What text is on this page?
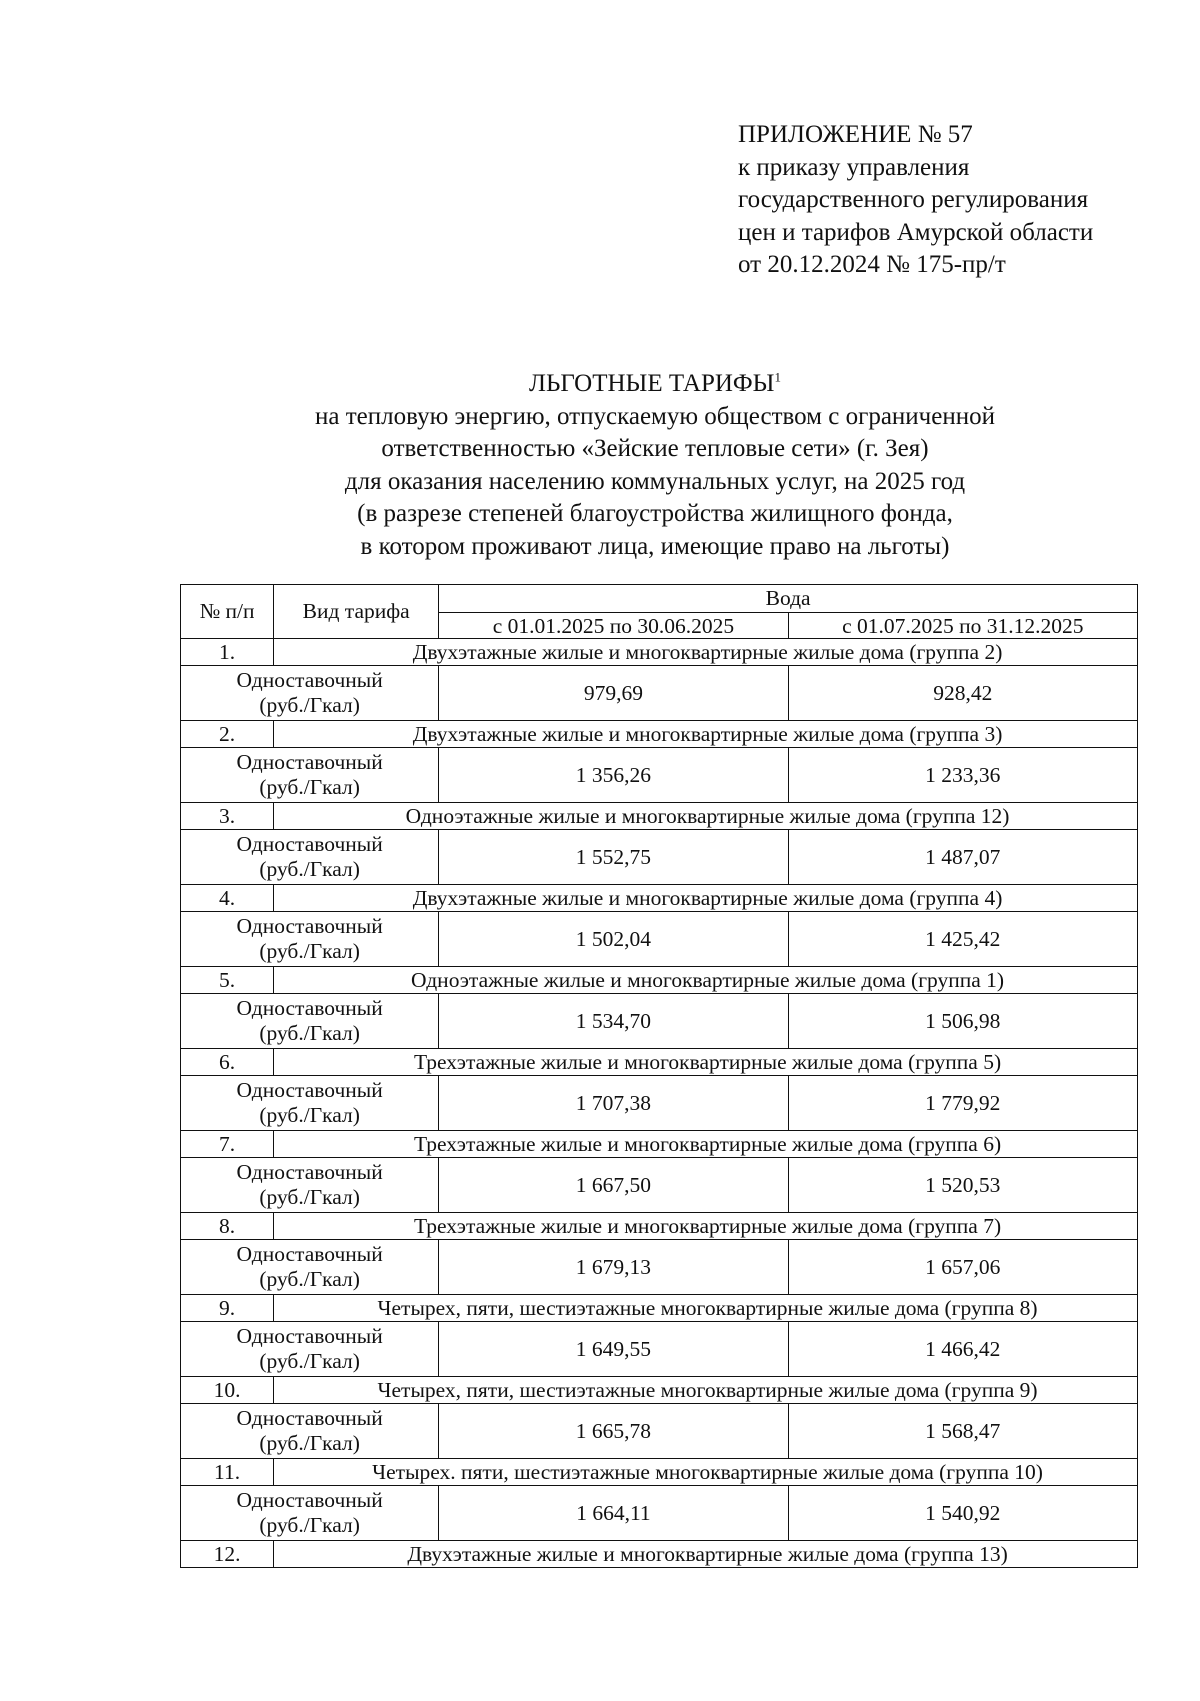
ПРИЛОЖЕНИЕ № 57
к приказу управления
государственного регулирования
цен и тарифов Амурской области
от 20.12.2024 № 175-пр/т
ЛЬГОТНЫЕ ТАРИФЫ$^1$
на тепловую энергию, отпускаемую обществом с ограниченной
ответственностью «Зейские тепловые сети» (г. Зея)
для оказания населению коммунальных услуг, на 2025 год
(в разрезе степеней благоустройства жилищного фонда,
в котором проживают лица, имеющие право на льготы)
№ п/п	Вид тарифа	Вода	
		с 01.01.2025 по 30.06.2025	с 01.07.2025 по 31.12.2025
1.	Двухэтажные жилые и многоквартирные жилые дома (группа 2)		

Одноставочный
(руб./Гкал)		979,69	928,42
2.	Двухэтажные жилые и многоквартирные жилые дома (группа 3)		

Одноставочный
(руб./Гкал)		1 356,26	1 233,36
3.	Одноэтажные жилые и многоквартирные жилые дома (группа 12)		

Одноставочный
(руб./Гкал)		1 552,75	1 487,07
4.	Двухэтажные жилые и многоквартирные жилые дома (группа 4)		

Одноставочный
(руб./Гкал)		1 502,04	1 425,42
5.	Одноэтажные жилые и многоквартирные жилые дома (группа 1)		

Одноставочный
(руб./Гкал)		1 534,70	1 506,98
6.	Трехэтажные жилые и многоквартирные жилые дома (группа 5)		

Одноставочный
(руб./Гкал)		1 707,38	1 779,92
7.	Трехэтажные жилые и многоквартирные жилые дома (группа 6)		

Одноставочный
(руб./Гкал)		1 667,50	1 520,53
8.	Трехэтажные жилые и многоквартирные жилые дома (группа 7)		

Одноставочный
(руб./Гкал)		1 679,13	1 657,06
9.	Четырех, пяти, шестиэтажные многоквартирные жилые дома (группа 8)		

Одноставочный
(руб./Гкал)		1 649,55	1 466,42
10.	Четырех, пяти, шестиэтажные многоквартирные жилые дома (группа 9)		

Одноставочный
(руб./Гкал)		1 665,78	1 568,47
11.	Четырех. пяти, шестиэтажные многоквартирные жилые дома (группа 10)		

Одноставочный
(руб./Гкал)		1 664,11	1 540,92
12.	Двухэтажные жилые и многоквартирные жилые дома (группа 13)		
